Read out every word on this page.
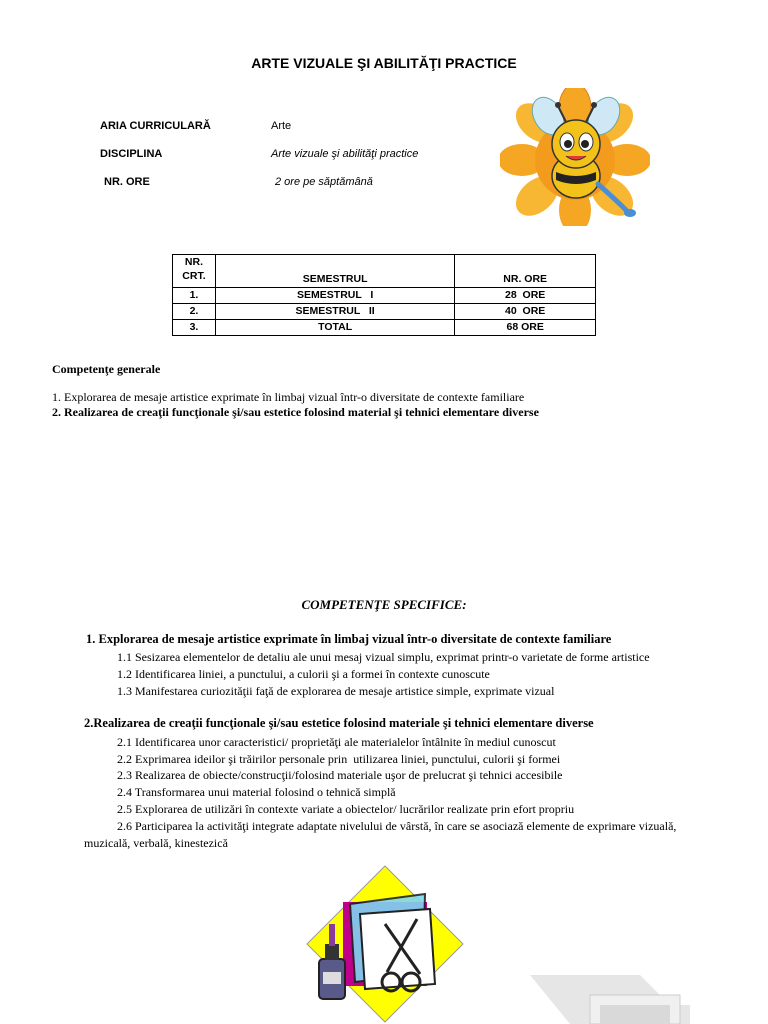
ARTE VIZUALE ŞI ABILITĂŢI PRACTICE
ARIA CURRICULARĂ	Arte
DISCIPLINA	Arte vizuale şi abilităţi practice
NR. ORE	2 ore pe săptămână
NR.
CRT.	SEMESTRUL	NR. ORE
1.	SEMESTRUL   I	28  ORE
2.	SEMESTRUL   II	40  ORE
3.	TOTAL	68 ORE
Competenţe generale
1. Explorarea de mesaje artistice exprimate în limbaj vizual într-o diversitate de contexte familiare
2. Realizarea de creaţii funcţionale şi/sau estetice folosind material şi tehnici elementare diverse
COMPETENŢE SPECIFICE:
1. Explorarea de mesaje artistice exprimate în limbaj vizual într-o diversitate de contexte familiare
1.1 Sesizarea elementelor de detaliu ale unui mesaj vizual simplu, exprimat printr-o varietate de forme artistice
1.2 Identificarea liniei, a punctului, a culorii şi a formei în contexte cunoscute
1.3 Manifestarea curiozităţii faţă de explorarea de mesaje artistice simple, exprimate vizual
2.Realizarea de creaţii funcţionale şi/sau estetice folosind materiale şi tehnici elementare diverse
2.1 Identificarea unor caracteristici/ proprietăţi ale materialelor întâlnite în mediul cunoscut
2.2 Exprimarea ideilor şi trăirilor personale prin  utilizarea liniei, punctului, culorii şi formei
2.3 Realizarea de obiecte/construcţii/folosind materiale uşor de prelucrat şi tehnici accesibile
2.4 Transformarea unui material folosind o tehnică simplă
2.5 Explorarea de utilizări în contexte variate a obiectelor/ lucrărilor realizate prin efort propriu
2.6 Participarea la activităţi integrate adaptate nivelului de vârstă, în care se asociază elemente de exprimare vizuală,
muzicală, verbală, kinestezică
